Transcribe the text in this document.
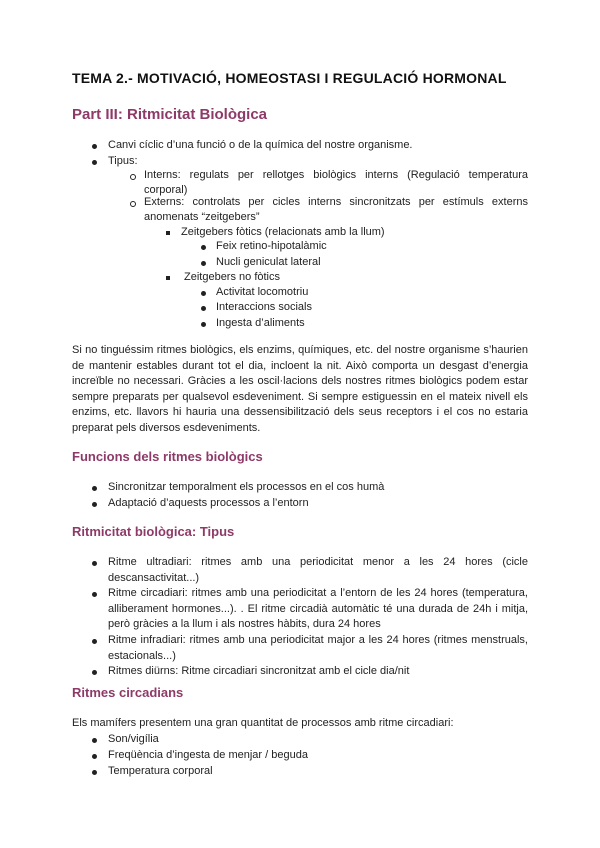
TEMA 2.- MOTIVACIÓ, HOMEOSTASI I REGULACIÓ HORMONAL
Part III: Ritmicitat Biològica
Canvi cíclic d’una funció o de la química del nostre organisme.
Tipus:
Interns: regulats per rellotges biològics interns (Regulació temperatura
corporal)
Externs: controlats per cicles interns sincronitzats per estímuls externs
anomenats “zeitgebers”
Zeitgebers fòtics (relacionats amb la llum)
Feix retino-hipotalàmic
Nucli geniculat lateral
Zeitgebers no fòtics
Activitat locomotriu
Interaccions socials
Ingesta d’aliments
Si no tinguéssim ritmes biològics, els enzims, químiques, etc. del nostre organisme s’haurien de mantenir estables durant tot el dia, incloent la nit. Això comporta un desgast d’energia increïble no necessari. Gràcies a les oscil·lacions dels nostres ritmes biològics podem estar sempre preparats per qualsevol esdeveniment. Si sempre estiguessin en el mateix nivell els enzims, etc. llavors hi hauria una dessensibilització dels seus receptors i el cos no estaria preparat pels diversos esdeveniments.
Funcions dels ritmes biològics
Sincronitzar temporalment els processos en el cos humà
Adaptació d’aquests processos a l’entorn
Ritmicitat biològica: Tipus
Ritme ultradiari: ritmes amb una periodicitat menor a les 24 hores (cicle descansactivitat...)
Ritme circadiari: ritmes amb una periodicitat a l’entorn de les 24 hores (temperatura, alliberament hormones...). . El ritme circadià automàtic té una durada de 24h i mitja, però gràcies a la llum i als nostres hàbits, dura 24 hores
Ritme infradiari: ritmes amb una periodicitat major a les 24 hores (ritmes menstruals, estacionals...)
Ritmes diürns: Ritme circadiari sincronitzat amb el cicle dia/nit
Ritmes circadians
Els mamífers presentem una gran quantitat de processos amb ritme circadiari:
Son/vigília
Freqüència d’ingesta de menjar / beguda
Temperatura corporal
